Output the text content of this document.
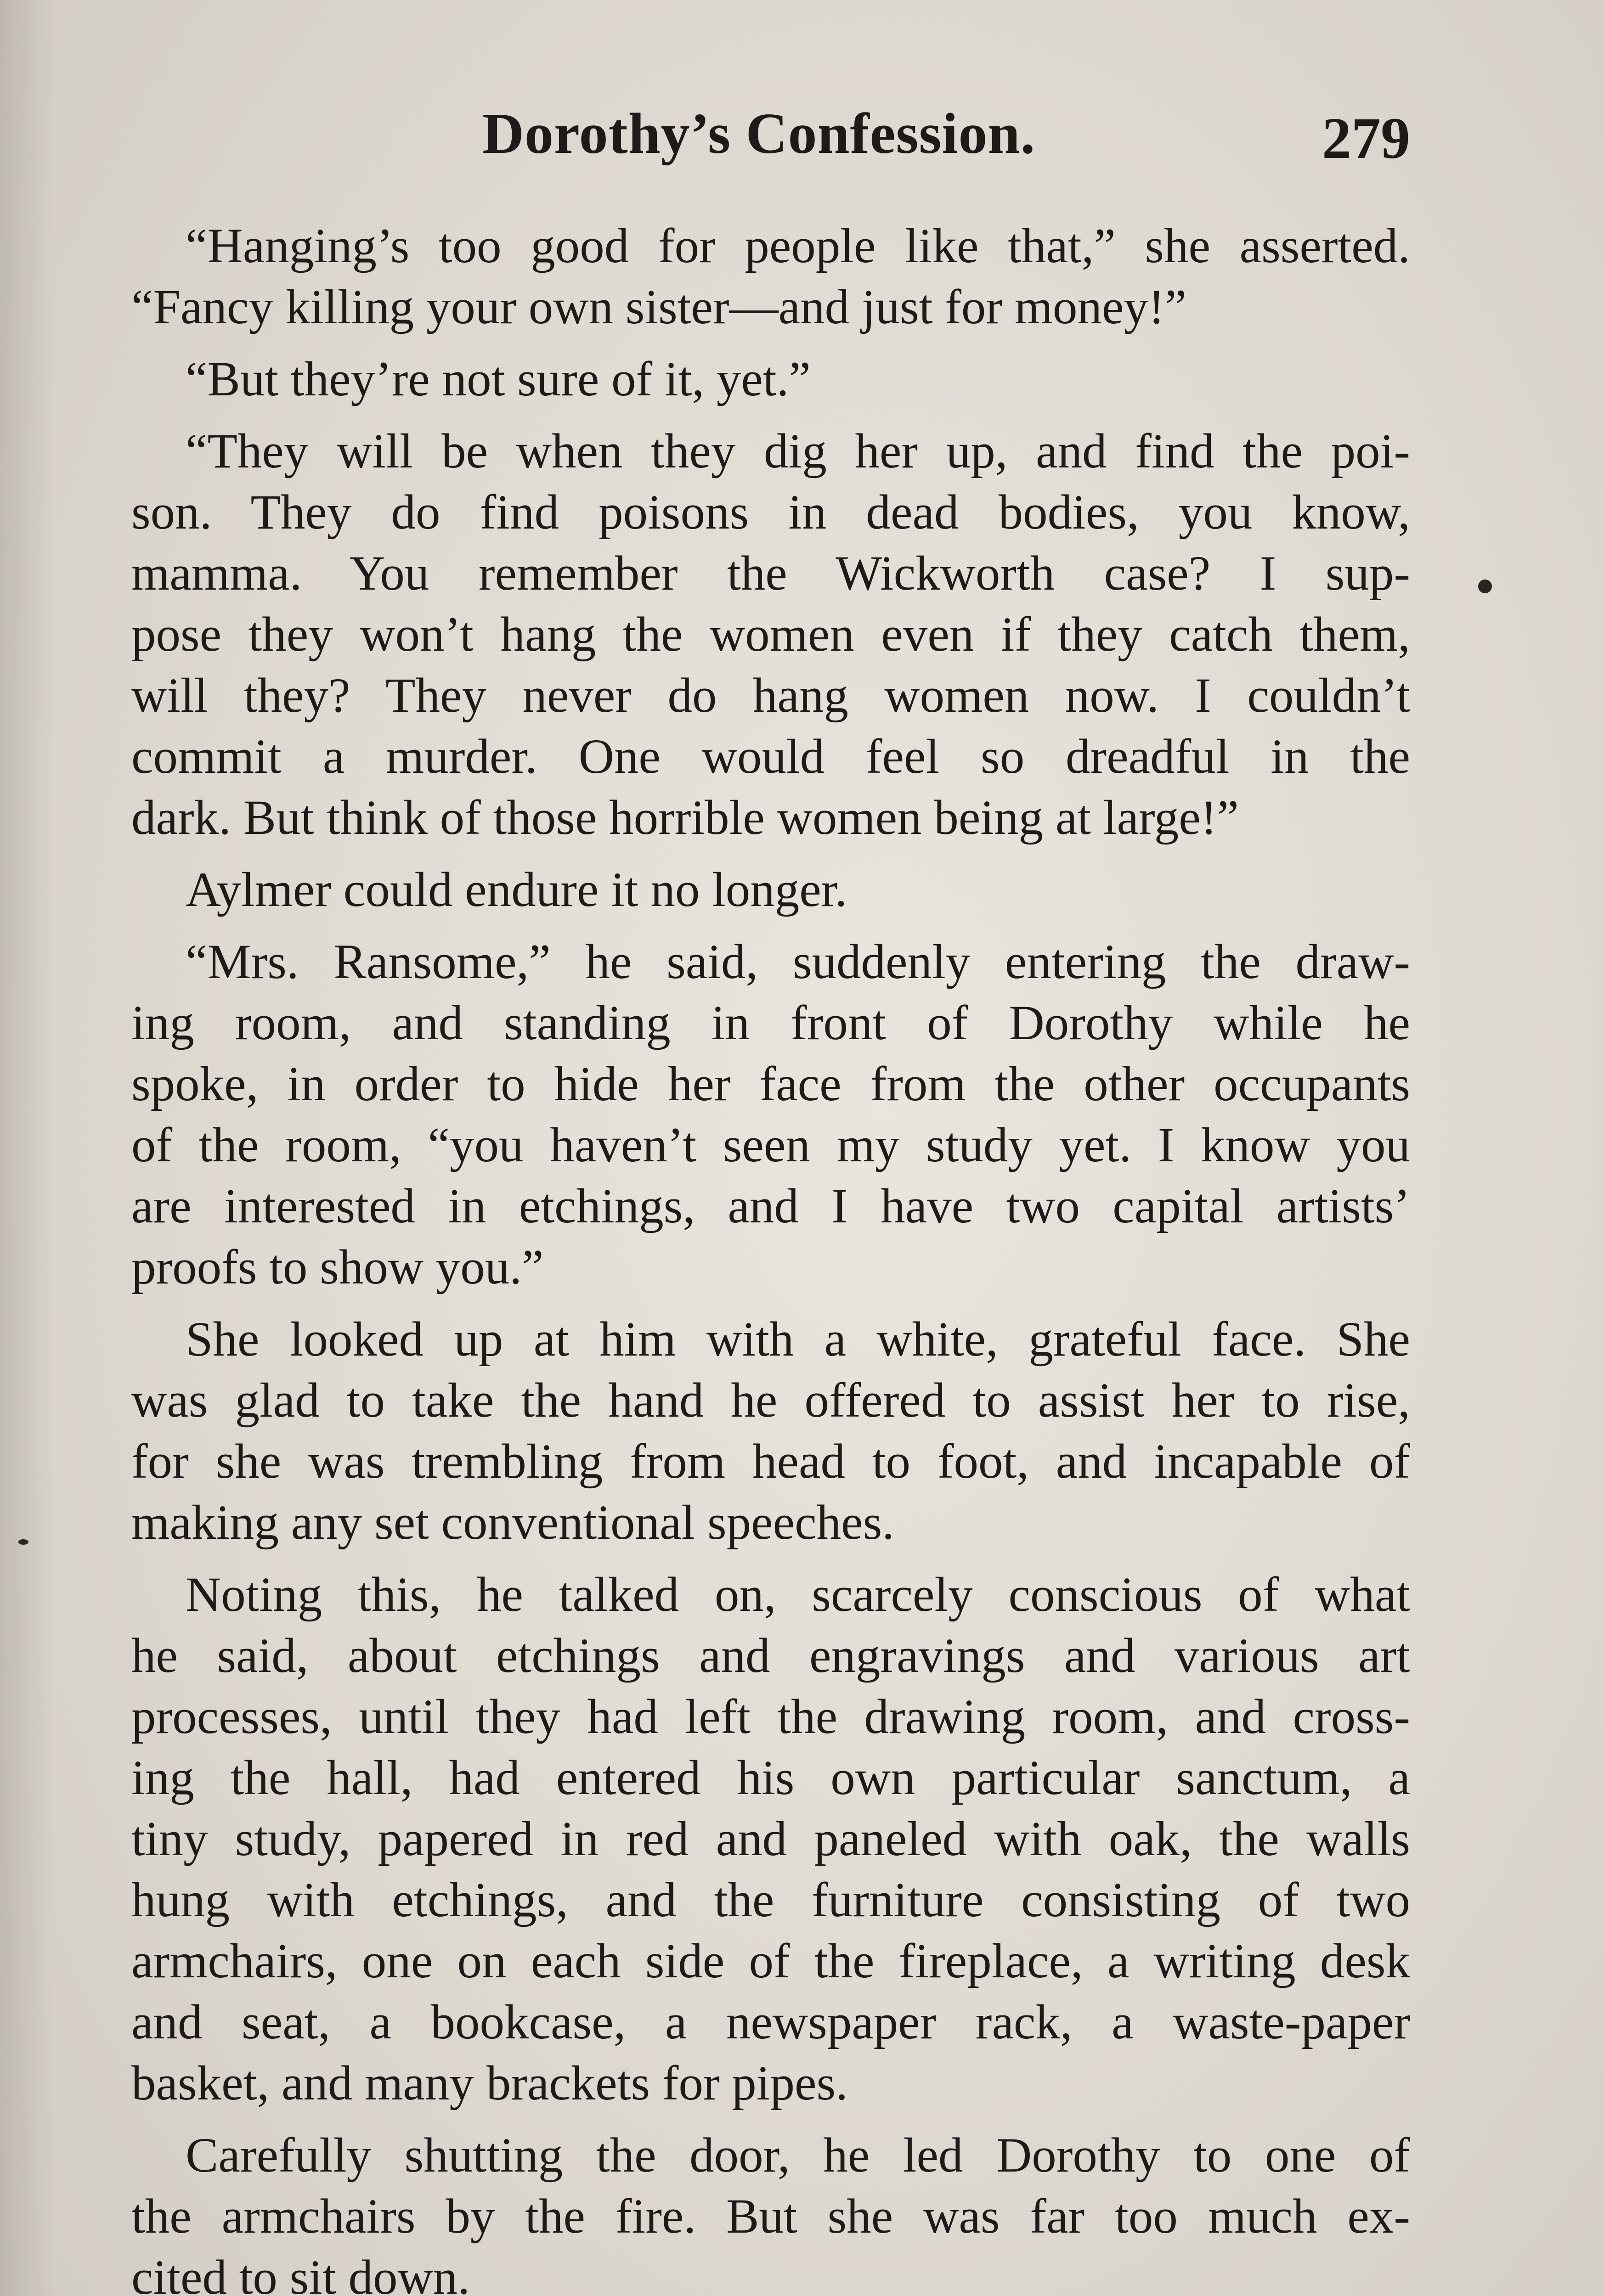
Dorothy’s Confession.	279
“Hanging’s too good for people like that,” she asserted.
“Fancy killing your own sister—and just for money!”
“But they’re not sure of it, yet.”
“They will be when they dig her up, and find the poi-
son. They do find poisons in dead bodies, you know,
mamma. You remember the Wickworth case? I sup-
pose they won’t hang the women even if they catch them,
will they? They never do hang women now. I couldn’t
commit a murder. One would feel so dreadful in the
dark. But think of those horrible women being at large!”
Aylmer could endure it no longer.
“Mrs. Ransome,” he said, suddenly entering the draw-
ing room, and standing in front of Dorothy while he
spoke, in order to hide her face from the other occupants
of the room, “you haven’t seen my study yet. I know you
are interested in etchings, and I have two capital artists’
proofs to show you.”
She looked up at him with a white, grateful face. She
was glad to take the hand he offered to assist her to rise,
for she was trembling from head to foot, and incapable of
making any set conventional speeches.
Noting this, he talked on, scarcely conscious of what
he said, about etchings and engravings and various art
processes, until they had left the drawing room, and cross-
ing the hall, had entered his own particular sanctum, a
tiny study, papered in red and paneled with oak, the walls
hung with etchings, and the furniture consisting of two
armchairs, one on each side of the fireplace, a writing desk
and seat, a bookcase, a newspaper rack, a waste-paper
basket, and many brackets for pipes.
Carefully shutting the door, he led Dorothy to one of
the armchairs by the fire. But she was far too much ex-
cited to sit down.
